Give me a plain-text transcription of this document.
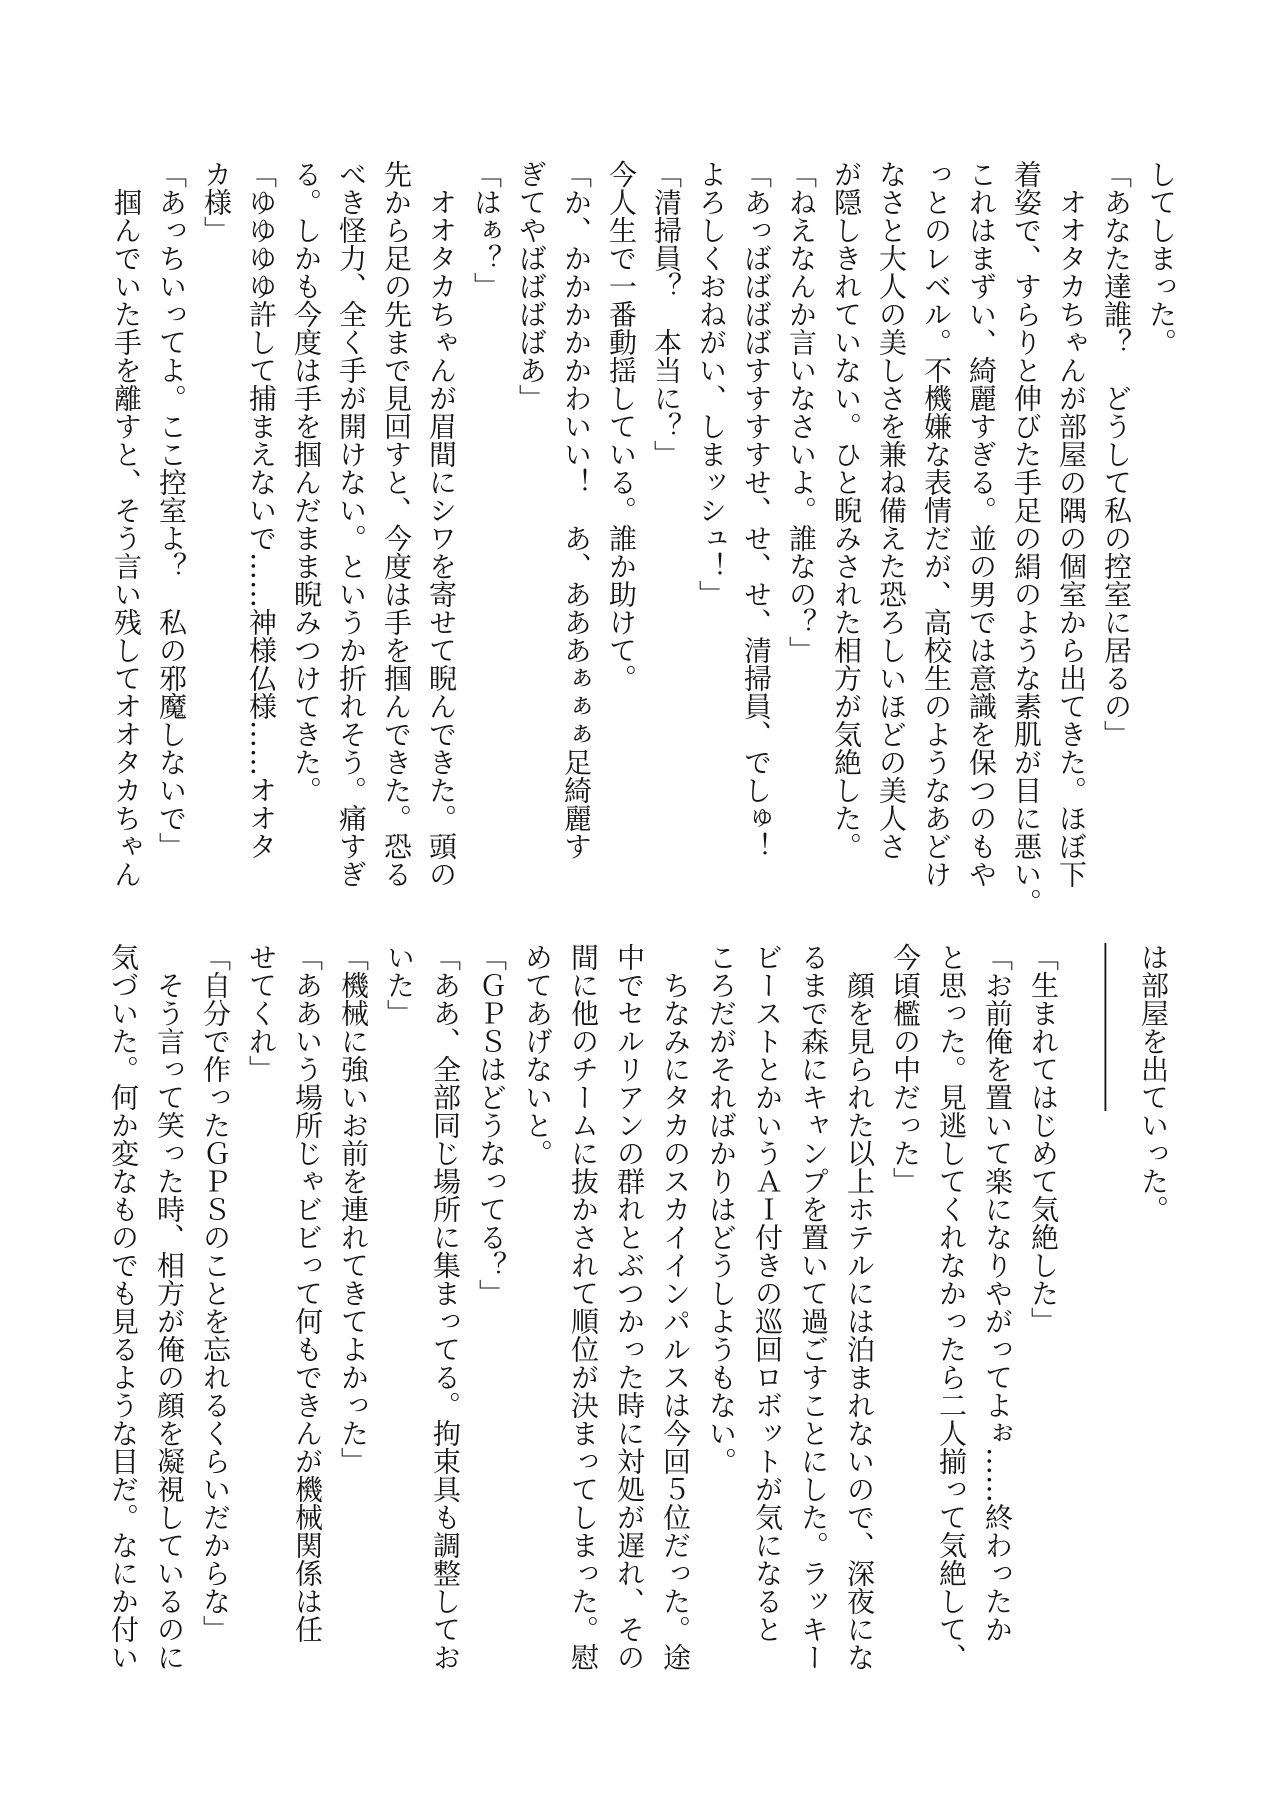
してしまった。

「あなた達誰？　どうして私の控室に居るの」

　オオタカちゃんが部屋の隅の個室から出てきた。ほぼ下

着姿で、すらりと伸びた手足の絹のような素肌が目に悪い。

これはまずい、綺麗すぎる。並の男では意識を保つのもや

っとのレベル。不機嫌な表情だが、高校生のようなあどけ

なさと大人の美しさを兼ね備えた恐ろしいほどの美人さ

が隠しきれていない。ひと睨みされた相方が気絶した。

「ねえなんか言いなさいよ。誰なの？」

「あっばばばばすすすすせ、せ、せ、清掃員、でしゅ！

よろしくおねがい、しまッシュ！」

「清掃員？　本当に？」

今人生で一番動揺している。誰か助けて。

「か、かかかかかわいい！　あ、あああぁぁぁ足綺麗す

ぎてやばばばばあ」

「はぁ？」

　オオタカちゃんが眉間にシワを寄せて睨んできた。頭の

先から足の先まで見回すと、今度は手を掴んできた。恐る

べき怪力、全く手が開けない。というか折れそう。痛すぎ

る。しかも今度は手を掴んだまま睨みつけてきた。

「ゆゆゆゆ許して捕まえないで……神様仏様……オオタ

カ様」

「あっちいってよ。ここ控室よ？　私の邪魔しないで」

　掴んでいた手を離すと、そう言い残してオオタカちゃん

は部屋を出ていった。

――――――

「生まれてはじめて気絶した」

「お前俺を置いて楽になりやがってよぉ……終わったか

と思った。見逃してくれなかったら二人揃って気絶して、

今頃檻の中だった」

　顔を見られた以上ホテルには泊まれないので、深夜にな

るまで森にキャンプを置いて過ごすことにした。ラッキー

ビーストとかいうＡＩ付きの巡回ロボットが気になると

ころだがそればかりはどうしようもない。

　ちなみにタカのスカイインパルスは今回５位だった。途

中でセルリアンの群れとぶつかった時に対処が遅れ、その

間に他のチームに抜かされて順位が決まってしまった。慰

めてあげないと。

「ＧＰＳはどうなってる？」

「ああ、全部同じ場所に集まってる。拘束具も調整してお

いた」

「機械に強いお前を連れてきてよかった」

「ああいう場所じゃビビって何もできんが機械関係は任

せてくれ」

「自分で作ったＧＰＳのことを忘れるくらいだからな」

　そう言って笑った時、相方が俺の顔を凝視しているのに

気づいた。何か変なものでも見るような目だ。なにか付い
